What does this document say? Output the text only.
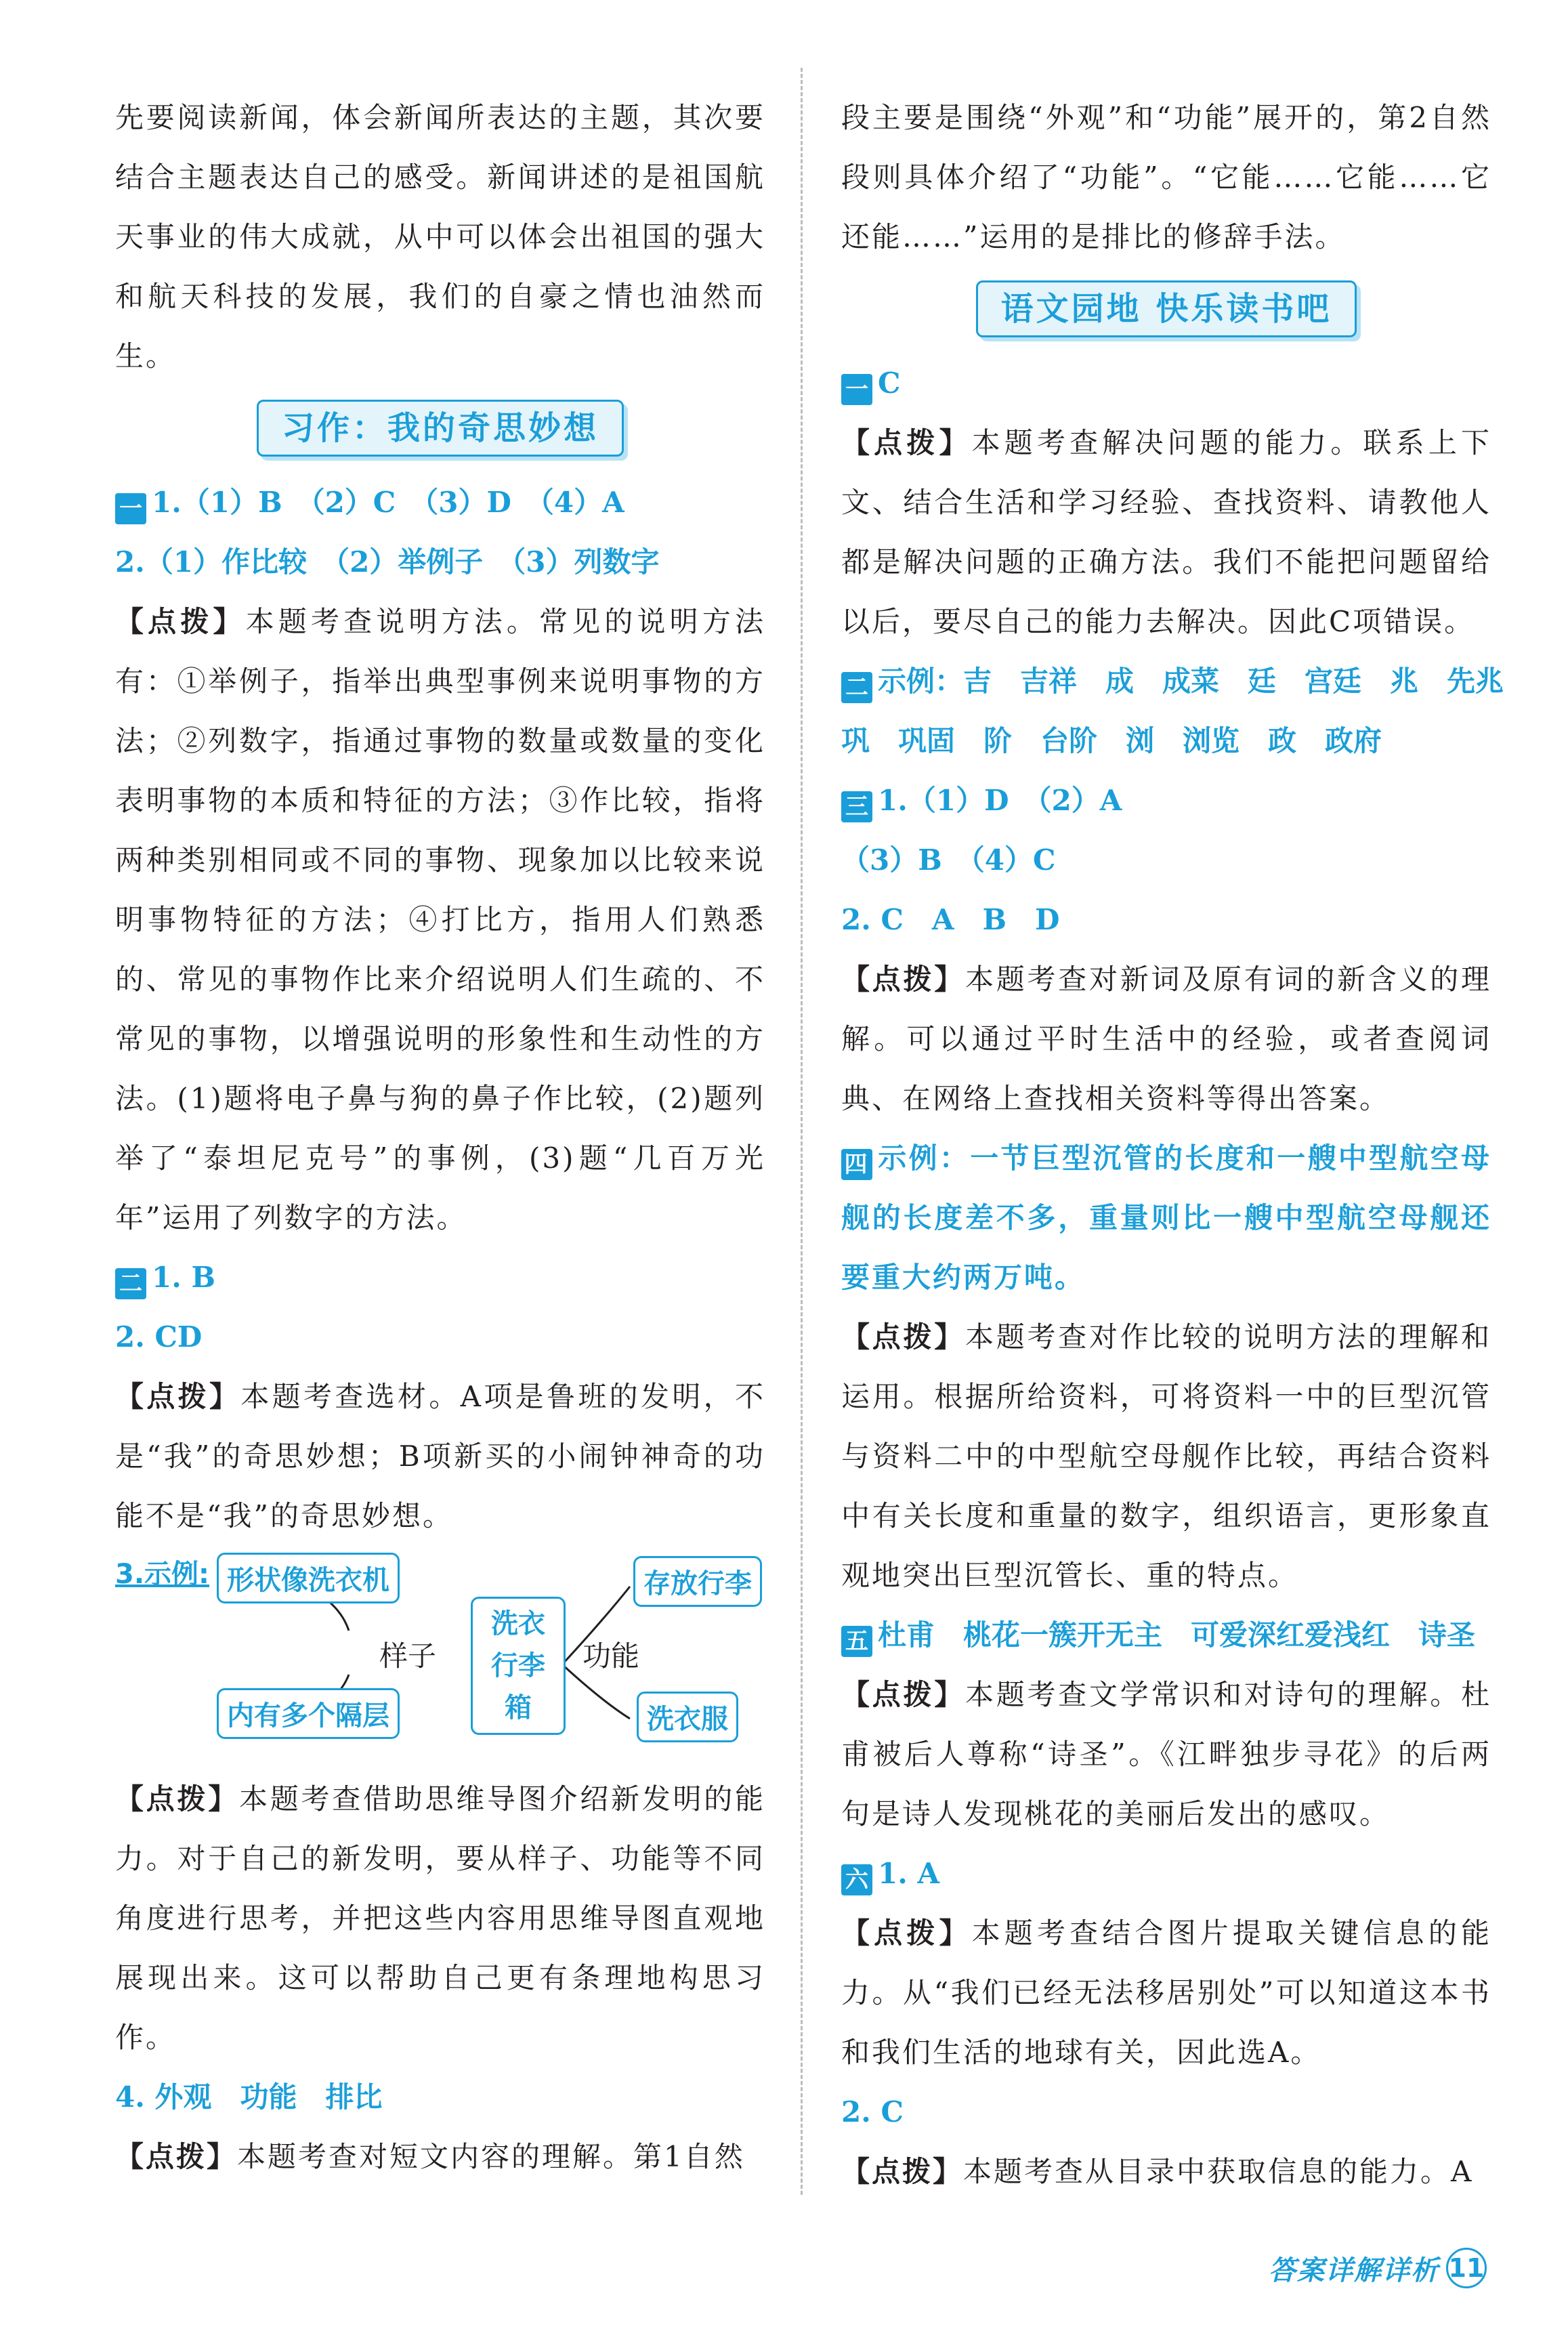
先要阅读新闻，体会新闻所表达的主题，其次要结合主题表达自己的感受。新闻讲述的是祖国航天事业的伟大成就，从中可以体会出祖国的强大和航天科技的发展，我们的自豪之情也油然而生。

习作：我的奇思妙想
一 1.（1）B　（2）C　（3）D　（4）A
2.（1）作比较　（2）举例子　（3）列数字

【点拨】本题考查说明方法。常见的说明方法有：①举例子，指举出典型事例来说明事物的方法；②列数字，指通过事物的数量或数量的变化表明事物的本质和特征的方法；③作比较，指将两种类别相同或不同的事物、现象加以比较来说明事物特征的方法；④打比方，指用人们熟悉的、常见的事物作比来介绍说明人们生疏的、不常见的事物，以增强说明的形象性和生动性的方法。(1)题将电子鼻与狗的鼻子作比较，(2)题列举了“泰坦尼克号”的事例，(3)题“几百万光年”运用了列数字的方法。

二 1. B
2. CD

【点拨】本题考查选材。A项是鲁班的发明，不是“我”的奇思妙想；B项新买的小闹钟神奇的功能不是“我”的奇思妙想。

3.示例: 形状像洗衣机
内有多个隔层
样子
洗衣行李箱
功能
存放行李
洗衣服

【点拨】本题考查借助思维导图介绍新发明的能力。对于自己的新发明，要从样子、功能等不同角度进行思考，并把这些内容用思维导图直观地展现出来。这可以帮助自己更有条理地构思习作。

4. 外观　功能　排比

【点拨】本题考查对短文内容的理解。第1自然

段主要是围绕“外观”和“功能”展开的，第2自然段则具体介绍了“功能”。“它能……它能……它还能……”运用的是排比的修辞手法。

语文园地 快乐读书吧
一 C

【点拨】本题考查解决问题的能力。联系上下文、结合生活和学习经验、查找资料、请教他人都是解决问题的正确方法。我们不能把问题留给以后，要尽自己的能力去解决。因此C项错误。

二 示例：吉　吉祥　成　成菜　廷　宫廷　兆　先兆
巩　巩固　阶　台阶　浏　浏览　政　政府
三 1.（1）D　（2）A
（3）B　（4）C
2. C　A　B　D

【点拨】本题考查对新词及原有词的新含义的理解。可以通过平时生活中的经验，或者查阅词典、在网络上查找相关资料等得出答案。

四 示例：一节巨型沉管的长度和一艘中型航空母舰的长度差不多，重量则比一艘中型航空母舰还要重大约两万吨。

【点拨】本题考查对作比较的说明方法的理解和运用。根据所给资料，可将资料一中的巨型沉管与资料二中的中型航空母舰作比较，再结合资料中有关长度和重量的数字，组织语言，更形象直观地突出巨型沉管长、重的特点。

五 杜甫　桃花一簇开无主　可爱深红爱浅红　诗圣

【点拨】本题考查文学常识和对诗句的理解。杜甫被后人尊称“诗圣”。《江畔独步寻花》的后两句是诗人发现桃花的美丽后发出的感叹。

六 1. A

【点拨】本题考查结合图片提取关键信息的能力。从“我们已经无法移居别处”可以知道这本书和我们生活的地球有关，因此选A。

2. C

【点拨】本题考查从目录中获取信息的能力。A

答案详解详析 11
